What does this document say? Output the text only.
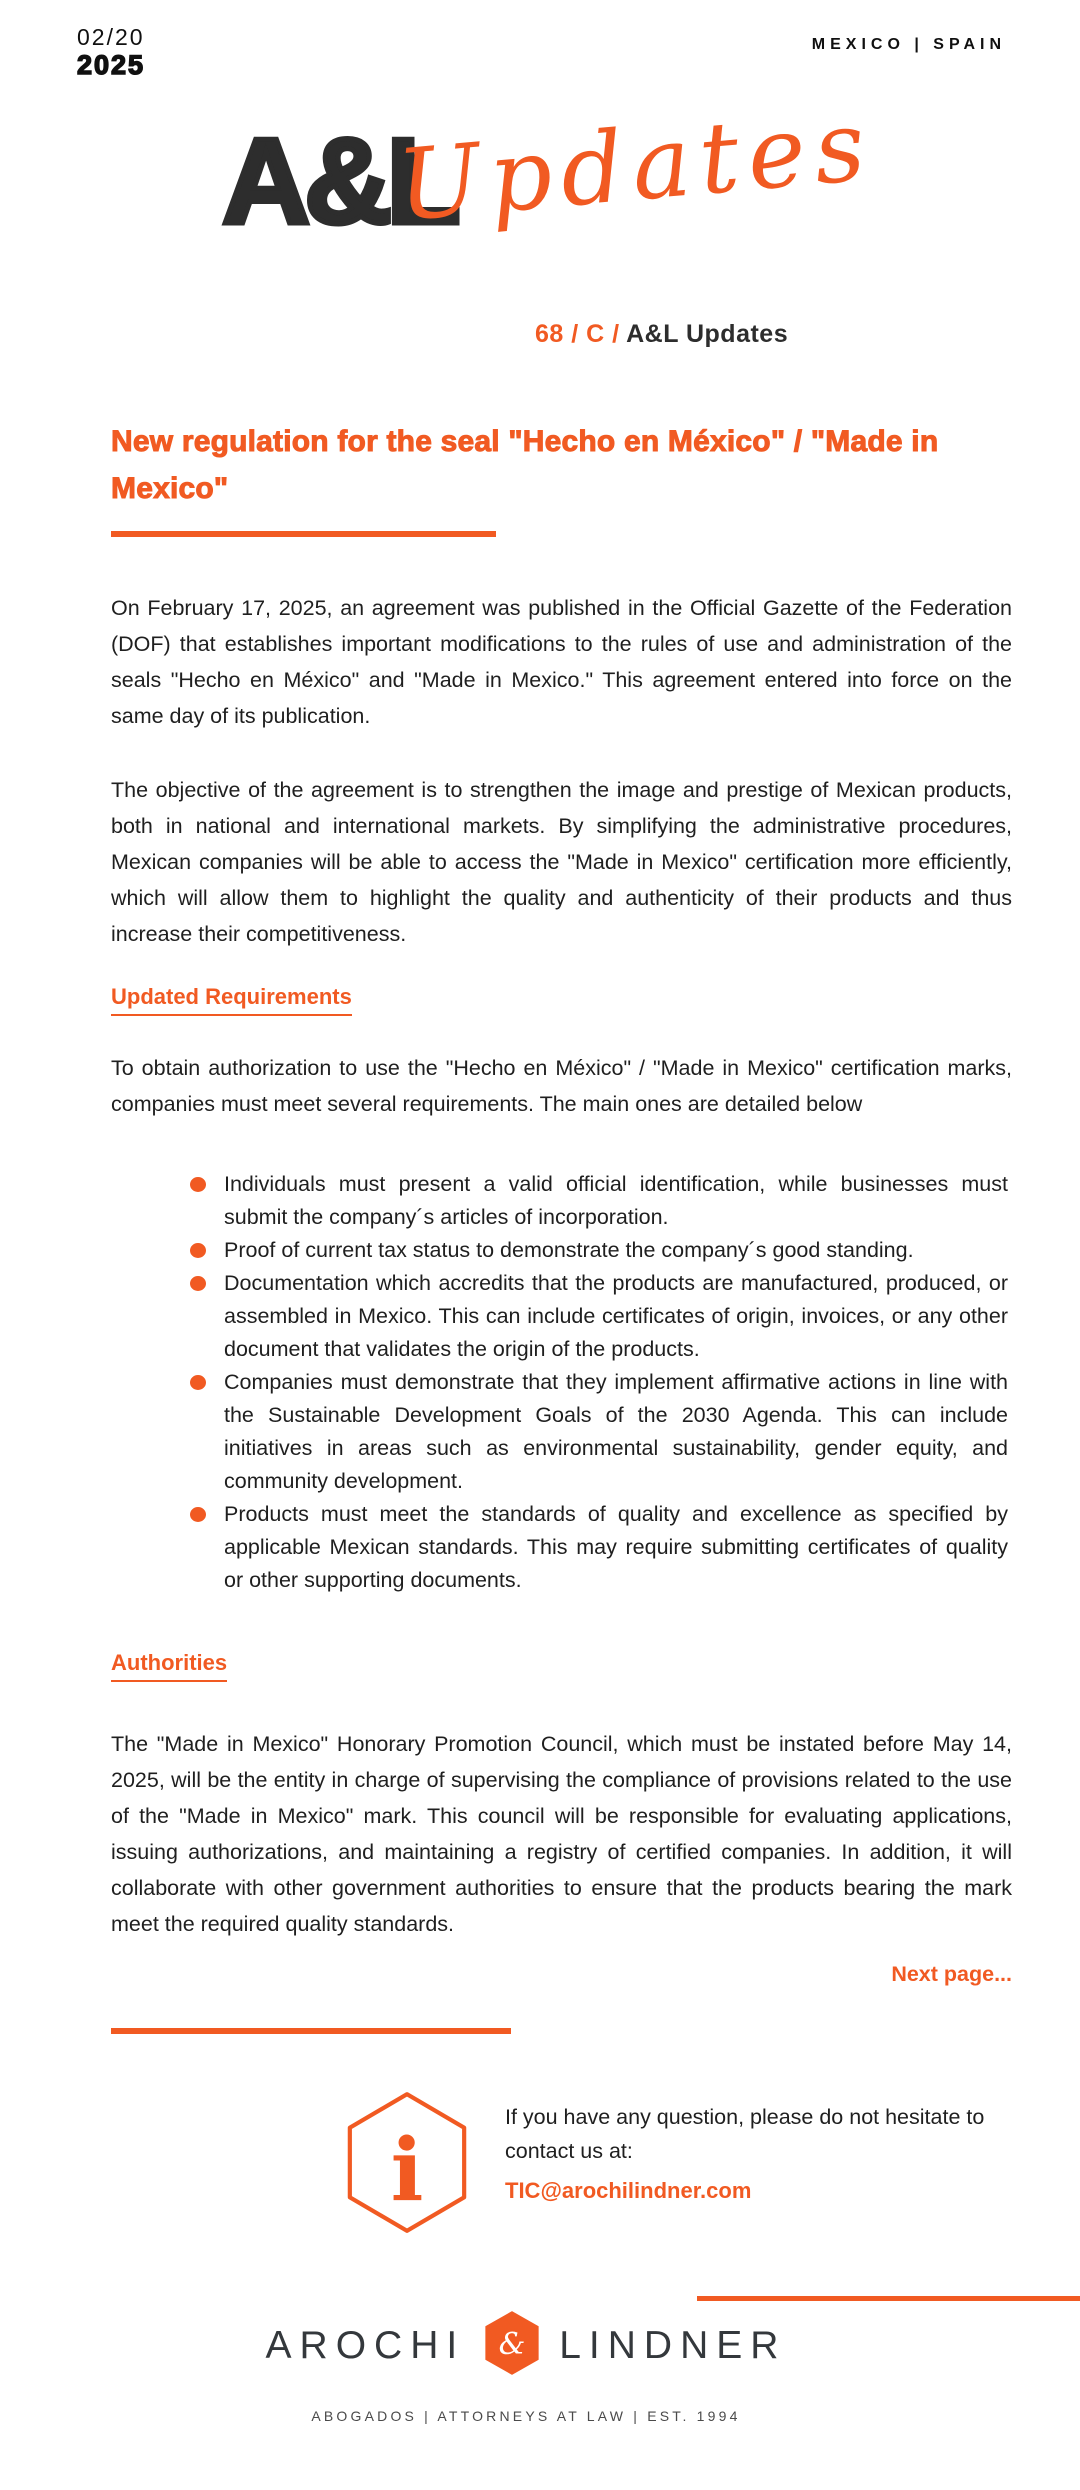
02/20
2025
MEXICO | SPAIN
A&L
Updates
68 / C / A&L Updates
New regulation for the seal "Hecho en México" / "Made in
Mexico"

On February 17, 2025, an agreement was published in the Official Gazette of the Federation (DOF) that establishes important modifications to the rules of use and administration of the seals "Hecho en México" and "Made in Mexico." This agreement entered into force on the same day of its publication.

The objective of the agreement is to strengthen the image and prestige of Mexican products, both in national and international markets. By simplifying the administrative procedures, Mexican companies will be able to access the "Made in Mexico" certification more efficiently, which will allow them to highlight the quality and authenticity of their products and thus increase their competitiveness.

Updated Requirements

To obtain authorization to use the "Hecho en México" / "Made in Mexico" certification marks, companies must meet several requirements. The main ones are detailed below

Individuals must present a valid official identification, while businesses must submit the company´s articles of incorporation.
Proof of current tax status to demonstrate the company´s good standing.
Documentation which accredits that the products are manufactured, produced, or assembled in Mexico. This can include certificates of origin, invoices, or any other document that validates the origin of the products.
Companies must demonstrate that they implement affirmative actions in line with the Sustainable Development Goals of the 2030 Agenda. This can include initiatives in areas such as environmental sustainability, gender equity, and community development.
Products must meet the standards of quality and excellence as specified by applicable Mexican standards. This may require submitting certificates of quality or other supporting documents.
Authorities

The "Made in Mexico" Honorary Promotion Council, which must be instated before May 14, 2025, will be the entity in charge of supervising the compliance of provisions related to the use of the "Made in Mexico" mark. This council will be responsible for evaluating applications, issuing authorizations, and maintaining a registry of certified companies. In addition, it will collaborate with other government authorities to ensure that the products bearing the mark meet the required quality standards.

Next page...
i
If you have any question, please do not hesitate to contact us at:
TIC@arochilindner.com
AROCHI & LINDNER
ABOGADOS | ATTORNEYS AT LAW | EST. 1994
